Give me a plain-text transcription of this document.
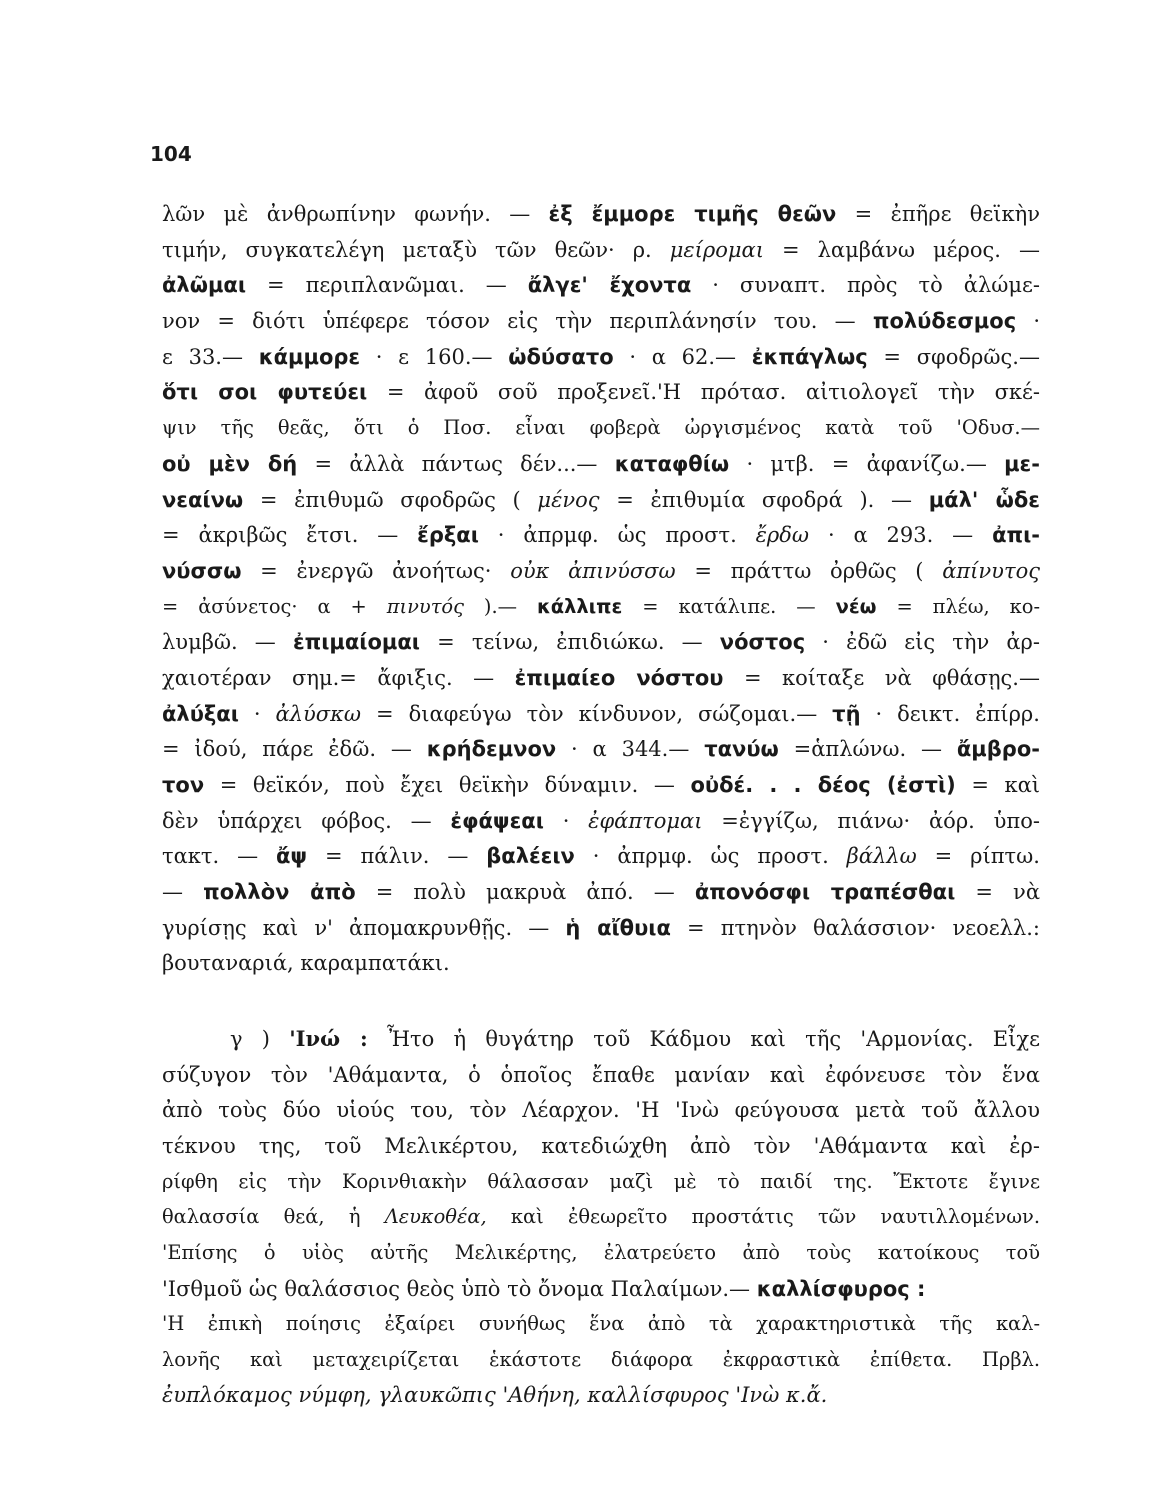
104
λῶν μὲ ἀνθρωπίνην φωνήν. — ἐξ ἔμμορε τιμῆς θεῶν = ἐπῆρε θεϊκὴν
τιμήν, συγκατελέγη μεταξὺ τῶν θεῶν· ρ. μείρομαι = λαμβάνω μέρος. —
ἀλῶμαι = περιπλανῶμαι. — ἄλγε' ἔχοντα · συναπτ. πρὸς τὸ ἀλώμε-
νον = διότι ὑπέφερε τόσον εἰς τὴν περιπλάνησίν του. — πολύδεσμος ·
ε 33.— κάμμορε · ε 160.— ὠδύσατο · α 62.— ἐκπάγλως = σφοδρῶς.—
ὅτι σοι φυτεύει = ἀφοῦ σοῦ προξενεῖ.'Η πρότασ. αἰτιολογεῖ τὴν σκέ-
ψιν τῆς θεᾶς, ὅτι ὁ Ποσ. εἶναι φοβερὰ ὠργισμένος κατὰ τοῦ 'Οδυσ.—
οὐ μὲν δή = ἀλλὰ πάντως δέν...— καταφθίω · μτβ. = ἀφανίζω.— με-
νεαίνω = ἐπιθυμῶ σφοδρῶς ( μένος = ἐπιθυμία σφοδρά ). — μάλ' ὧδε
= ἀκριβῶς ἔτσι. — ἔρξαι · ἀπρμφ. ὡς προστ. ἔρδω · α 293. — ἀπι-
νύσσω = ἐνεργῶ ἀνοήτως· οὐκ ἀπινύσσω = πράττω ὀρθῶς ( ἀπίνυτος
= ἀσύνετος· α + πινυτός ).— κάλλιπε = κατάλιπε. — νέω = πλέω, κο-
λυμβῶ. — ἐπιμαίομαι = τείνω, ἐπιδιώκω. — νόστος · ἐδῶ εἰς τὴν ἀρ-
χαιοτέραν σημ.= ἄφιξις. — ἐπιμαίεο νόστου = κοίταξε νὰ φθάσῃς.—
ἀλύξαι · ἀλύσκω = διαφεύγω τὸν κίνδυνον, σώζομαι.— τῇ · δεικτ. ἐπίρρ.
= ἰδού, πάρε ἐδῶ. — κρήδεμνον · α 344.— τανύω =ἁπλώνω. — ἄμβρο-
τον = θεϊκόν, ποὺ ἔχει θεϊκὴν δύναμιν. — οὐδέ. . . δέος (ἐστὶ) = καὶ
δὲν ὑπάρχει φόβος. — ἐφάψεαι · ἐφάπτομαι =ἐγγίζω, πιάνω· ἀόρ. ὑπο-
τακτ. — ἄψ = πάλιν. — βαλέειν · ἀπρμφ. ὡς προστ. βάλλω = ρίπτω.
— πολλὸν ἀπὸ = πολὺ μακρυὰ ἀπό. — ἀπονόσφι τραπέσθαι = νὰ
γυρίσῃς καὶ ν' ἀπομακρυνθῇς. — ἡ αἴθυια = πτηνὸν θαλάσσιον· νεοελλ.:
βουταναριά, καραμπατάκι.
γ ) 'Ινώ : Ἦτο ἡ θυγάτηρ τοῦ Κάδμου καὶ τῆς 'Αρμονίας. Εἶχε
σύζυγον τὸν 'Αθάμαντα, ὁ ὁποῖος ἔπαθε μανίαν καὶ ἐφόνευσε τὸν ἕνα
ἀπὸ τοὺς δύο υἱούς του, τὸν Λέαρχον. 'Η 'Ινὼ φεύγουσα μετὰ τοῦ ἄλλου
τέκνου της, τοῦ Μελικέρτου, κατεδιώχθη ἀπὸ τὸν 'Αθάμαντα καὶ ἐρ-
ρίφθη εἰς τὴν Κορινθιακὴν θάλασσαν μαζὶ μὲ τὸ παιδί της. Ἔκτοτε ἔγινε
θαλασσία θεά, ἡ Λευκοθέα, καὶ ἐθεωρεῖτο προστάτις τῶν ναυτιλλομένων.
'Επίσης ὁ υἱὸς αὐτῆς Μελικέρτης, ἐλατρεύετο ἀπὸ τοὺς κατοίκους τοῦ
'Ισθμοῦ ὡς θαλάσσιος θεὸς ὑπὸ τὸ ὄνομα Παλαίμων.— καλλίσφυρος :
'Η ἐπικὴ ποίησις ἐξαίρει συνήθως ἕνα ἀπὸ τὰ χαρακτηριστικὰ τῆς καλ-
λονῆς καὶ μεταχειρίζεται ἑκάστοτε διάφορα ἐκφραστικὰ ἐπίθετα. Πρβλ.
ἐυπλόκαμος νύμφη, γλαυκῶπις 'Αθήνη, καλλίσφυρος 'Ινὼ κ.ἄ.
